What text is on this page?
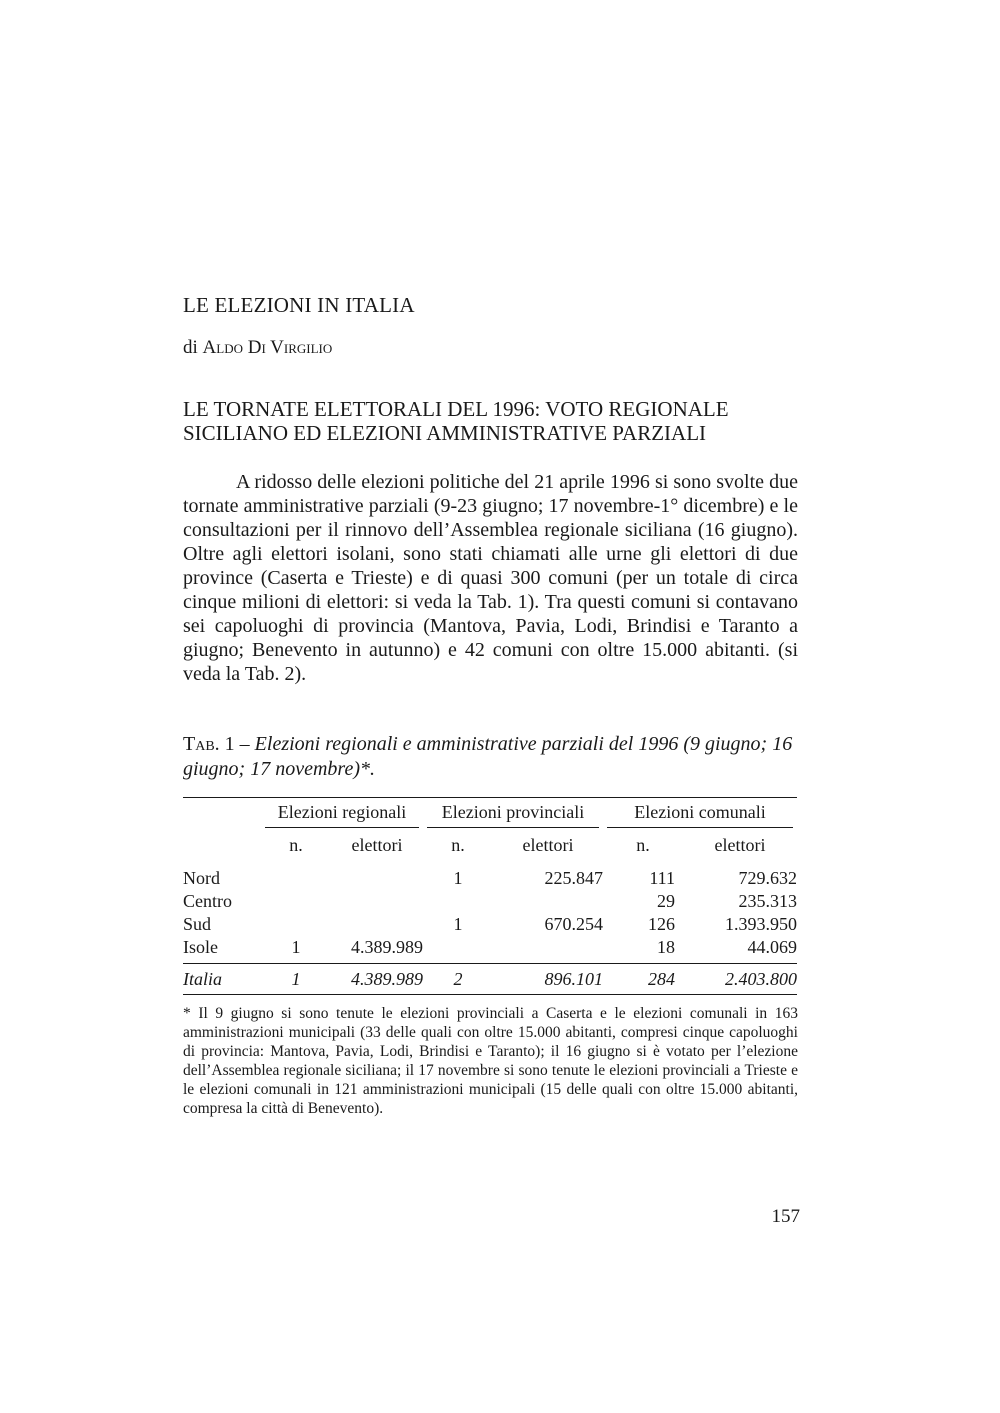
LE ELEZIONI IN ITALIA
di Aldo Di Virgilio
LE TORNATE ELETTORALI DEL 1996: VOTO REGIONALE
SICILIANO ED ELEZIONI AMMINISTRATIVE PARZIALI

A ridosso delle elezioni politiche del 21 aprile 1996 si sono svolte due tornate amministrative parziali (9-23 giugno; 17 novembre-1° dicembre) e le consultazioni per il rinnovo dell’Assemblea regionale siciliana (16 giugno). Oltre agli elettori isolani, sono stati chiamati alle urne gli elettori di due province (Caserta e Trieste) e di quasi 300 comuni (per un totale di circa cinque milioni di elettori: si veda la Tab. 1). Tra questi comuni si contavano sei capoluoghi di provincia (Mantova, Pavia, Lodi, Brindisi e Taranto a giugno; Benevento in autunno) e 42 comuni con oltre 15.000 abitanti. (si veda la Tab. 2).

Tab. 1 – Elezioni regionali e amministrative parziali del 1996 (9 giugno; 16 giugno; 17 novembre)*.

	Elezioni regionali		Elezioni provinciali		Elezioni comunali	

	n.	elettori	n.	elettori	n.	elettori
Nord			1	225.847	111	729.632
Centro					29	235.313
Sud			1	670.254	126	1.393.950
Isole	1	4.389.989			18	44.069
Italia	1	4.389.989	2	896.101	284	2.403.800
* Il 9 giugno si sono tenute le elezioni provinciali a Caserta e le elezioni comunali in 163 amministrazioni municipali (33 delle quali con oltre 15.000 abitanti, compresi cinque capoluoghi di provincia: Mantova, Pavia, Lodi, Brindisi e Taranto); il 16 giugno si è votato per l’elezione dell’Assemblea regionale siciliana; il 17 novembre si sono tenute le elezioni provinciali a Trieste e le elezioni comunali in 121 amministrazioni municipali (15 delle quali con oltre 15.000 abitanti, compresa la città di Benevento).
157
